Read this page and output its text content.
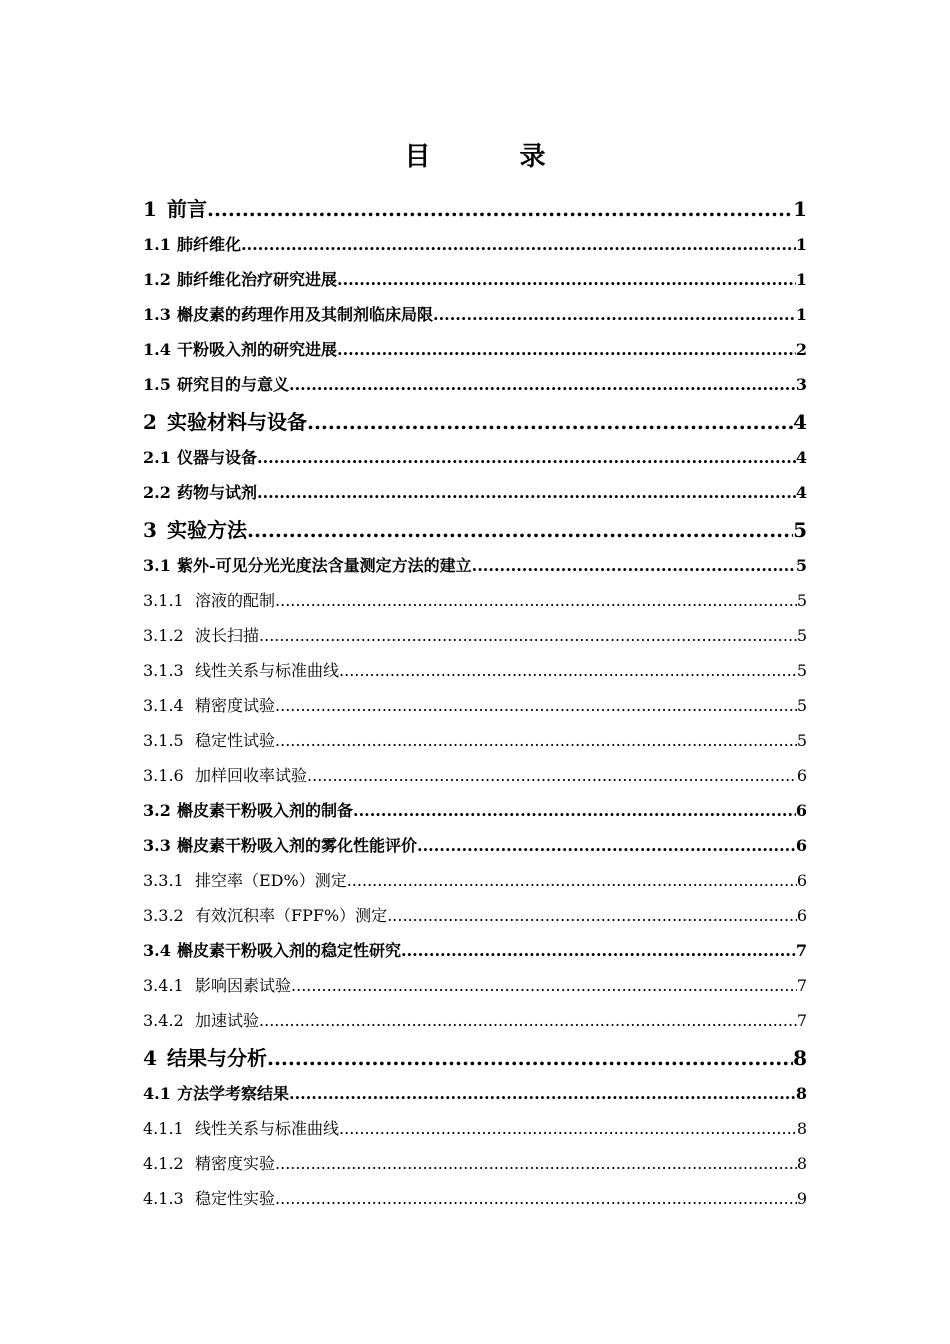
目 录
1 前言 .....	1
1.1 肺纤维化 .....	1
1.2 肺纤维化治疗研究进展 .....	1
1.3 槲皮素的药理作用及其制剂临床局限 .....	1
1.4 干粉吸入剂的研究进展 .....	2
1.5 研究目的与意义 .....	3
2 实验材料与设备 .....	4
2.1 仪器与设备 .....	4
2.2 药物与试剂 .....	4
3 实验方法 .....	5
3.1 紫外-可见分光光度法含量测定方法的建立 .....	5
3.1.1 溶液的配制 .....	5
3.1.2 波长扫描 .....	5
3.1.3 线性关系与标准曲线 .....	5
3.1.4 精密度试验 .....	5
3.1.5 稳定性试验 .....	5
3.1.6 加样回收率试验 .....	6
3.2 槲皮素干粉吸入剂的制备 .....	6
3.3 槲皮素干粉吸入剂的雾化性能评价 .....	6
3.3.1 排空率（ED%）测定 .....	6
3.3.2 有效沉积率（FPF%）测定 .....	6
3.4 槲皮素干粉吸入剂的稳定性研究 .....	7
3.4.1 影响因素试验 .....	7
3.4.2 加速试验 .....	7
4 结果与分析 .....	8
4.1 方法学考察结果 .....	8
4.1.1 线性关系与标准曲线 .....	8
4.1.2 精密度实验 .....	8
4.1.3 稳定性实验 .....	9
